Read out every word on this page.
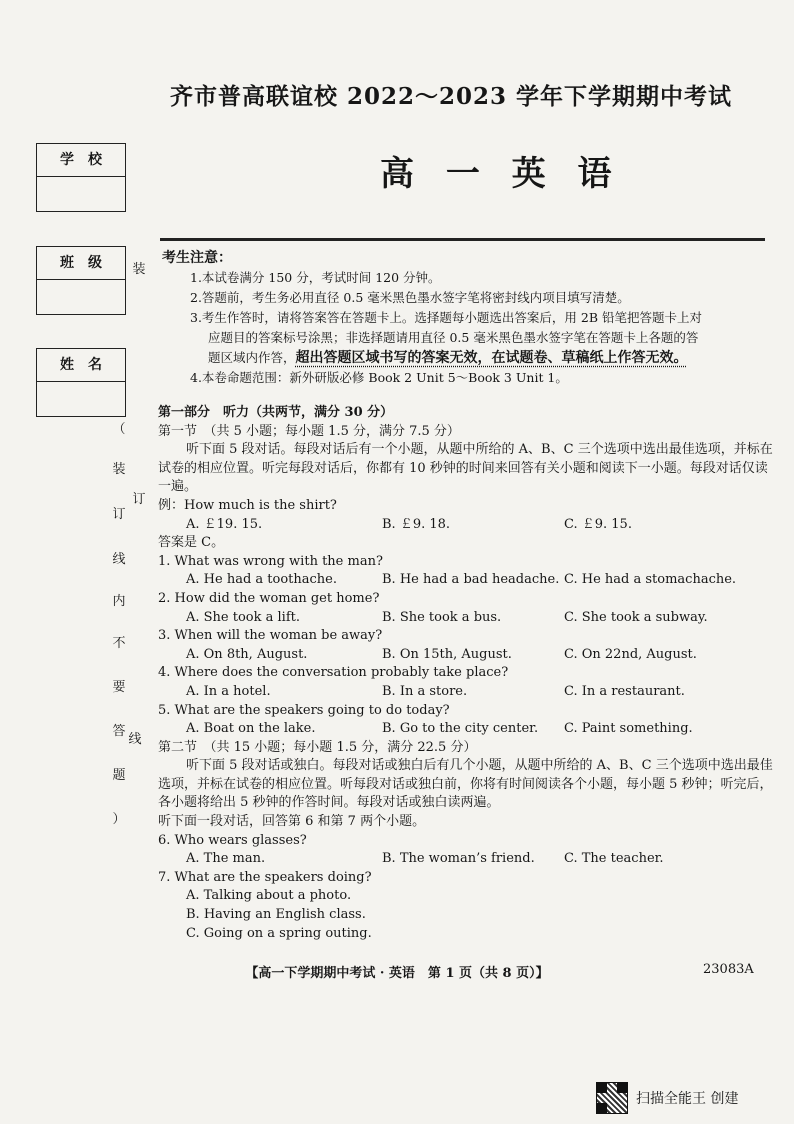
齐市普高联谊校 2022～2023 学年下学期期中考试
高 一 英 语
学　校
班　级
姓　名
（
装
订
线
内
不
要
答
题
）
装
订
线

考生注意：

1.本试卷满分 150 分，考试时间 120 分钟。

2.答题前，考生务必用直径 0.5 毫米黑色墨水签字笔将密封线内项目填写清楚。

3.考生作答时，请将答案答在答题卡上。选择题每小题选出答案后，用 2B 铅笔把答题卡上对

应题目的答案标号涂黑；非选择题请用直径 0.5 毫米黑色墨水签字笔在答题卡上各题的答

题区域内作答，超出答题区域书写的答案无效，在试题卷、草稿纸上作答无效。

4.本卷命题范围：新外研版必修 Book 2 Unit 5～Book 3 Unit 1。

第一部分　听力（共两节，满分 30 分）

第一节　（共 5 小题；每小题 1.5 分，满分 7.5 分）

听下面 5 段对话。每段对话后有一个小题，从题中所给的 A、B、C 三个选项中选出最佳选项，并标在试卷的相应位置。听完每段对话后，你都有 10 秒钟的时间来回答有关小题和阅读下一小题。每段对话仅读一遍。

例：How much is the shirt?

A. ￡19. 15.	B. ￡9. 18.	C. ￡9. 15.

答案是 C。

1. What was wrong with the man?

A. He had a toothache.	B. He had a bad headache. C. He had a stomachache.

2. How did the woman get home?

A. She took a lift.	B. She took a bus.	C. She took a subway.

3. When will the woman be away?

A. On 8th, August.	B. On 15th, August.	C. On 22nd, August.

4. Where does the conversation probably take place?

A. In a hotel.	B. In a store.	C. In a restaurant.

5. What are the speakers going to do today?

A. Boat on the lake.	B. Go to the city center.	C. Paint something.

第二节　（共 15 小题；每小题 1.5 分，满分 22.5 分）

听下面 5 段对话或独白。每段对话或独白后有几个小题，从题中所给的 A、B、C 三个选项中选出最佳选项，并标在试卷的相应位置。听每段对话或独白前，你将有时间阅读各个小题，每小题 5 秒钟；听完后，各小题将给出 5 秒钟的作答时间。每段对话或独白读两遍。

听下面一段对话，回答第 6 和第 7 两个小题。

6. Who wears glasses?

A. The man.	B. The woman’s friend.	C. The teacher.

7. What are the speakers doing?

A. Talking about a photo.

B. Having an English class.

C. Going on a spring outing.

【高一下学期期中考试 · 英语　第 1 页（共 8 页）】	23083A
扫描全能王 创建
